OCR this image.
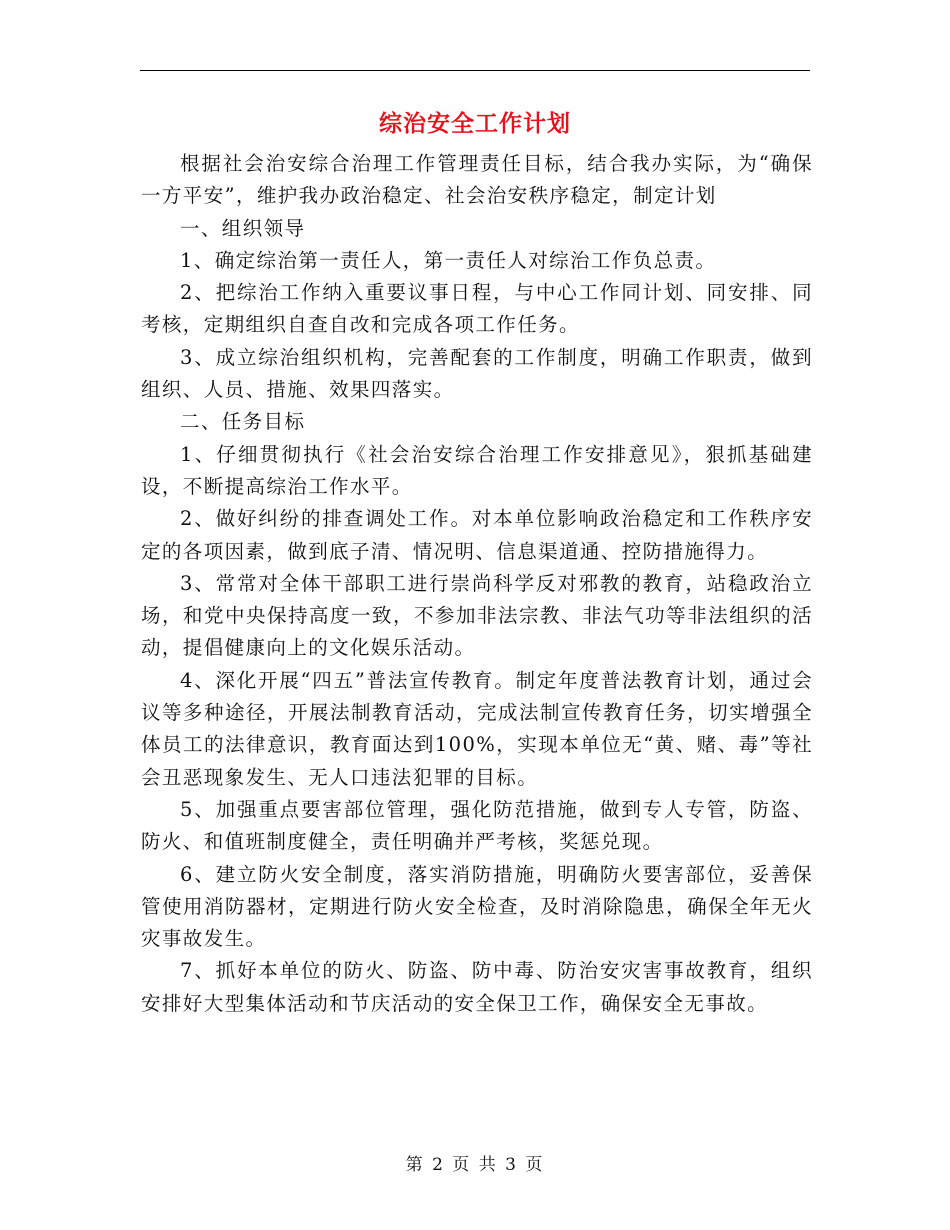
综治安全工作计划

根据社会治安综合治理工作管理责任目标，结合我办实际，为“确保一方平安”，维护我办政治稳定、社会治安秩序稳定，制定计划

一、组织领导

1、确定综治第一责任人，第一责任人对综治工作负总责。

2、把综治工作纳入重要议事日程，与中心工作同计划、同安排、同考核，定期组织自查自改和完成各项工作任务。

3、成立综治组织机构，完善配套的工作制度，明确工作职责，做到组织、人员、措施、效果四落实。

二、任务目标

1、仔细贯彻执行《社会治安综合治理工作安排意见》，狠抓基础建设，不断提高综治工作水平。

2、做好纠纷的排查调处工作。对本单位影响政治稳定和工作秩序安定的各项因素，做到底子清、情况明、信息渠道通、控防措施得力。

3、常常对全体干部职工进行崇尚科学反对邪教的教育，站稳政治立场，和党中央保持高度一致，不参加非法宗教、非法气功等非法组织的活动，提倡健康向上的文化娱乐活动。

4、深化开展“四五”普法宣传教育。制定年度普法教育计划，通过会议等多种途径，开展法制教育活动，完成法制宣传教育任务，切实增强全体员工的法律意识，教育面达到100%，实现本单位无“黄、赌、毒”等社会丑恶现象发生、无人口违法犯罪的目标。

5、加强重点要害部位管理，强化防范措施，做到专人专管，防盗、防火、和值班制度健全，责任明确并严考核，奖惩兑现。

6、建立防火安全制度，落实消防措施，明确防火要害部位，妥善保管使用消防器材，定期进行防火安全检查，及时消除隐患，确保全年无火灾事故发生。

7、抓好本单位的防火、防盗、防中毒、防治安灾害事故教育，组织安排好大型集体活动和节庆活动的安全保卫工作，确保安全无事故。

第 2 页 共 3 页
